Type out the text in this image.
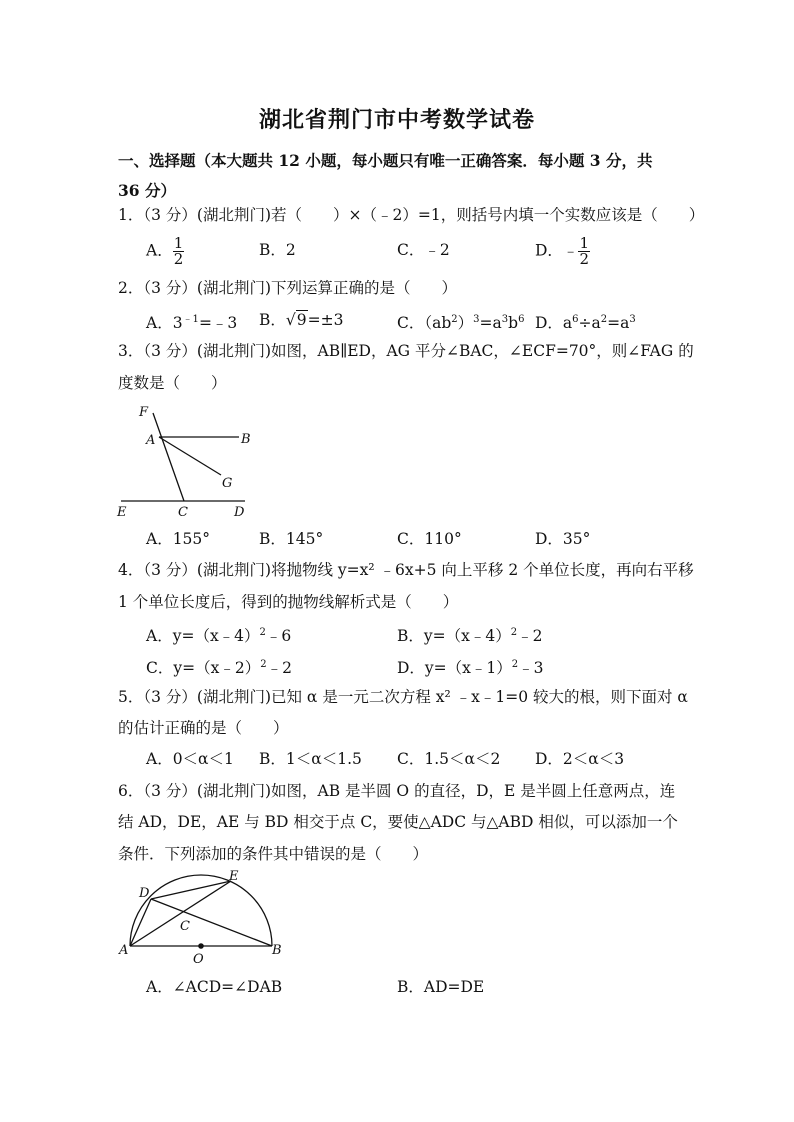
湖北省荆门市中考数学试卷
一、选择题（本大题共 12 小题，每小题只有唯一正确答案．每小题 3 分，共 36 分）
1．（3 分）(湖北荆门)若（　　）×（﹣2）=1，则括号内填一个实数应该是（　　）
A． $\frac{1}{2}$	B．2	C．﹣2	D．﹣ $\frac{1}{2}$
2．（3 分）(湖北荆门)下列运算正确的是（　　）
A．$3^{﹣1}=﹣3$ B．√9=±3	C．$(ab^2)^3=a^3b^6$ D．$a^6\div a^2=a^3$
3．（3 分）(湖北荆门)如图，AB∥ED，AG 平分∠BAC，∠ECF=70°，则∠FAG 的
度数是（　　）
F
A	B
G
E	C	D
A．155°	B．145°	C．110°	D．35°
4．（3 分）(湖北荆门)将抛物线 y=x² ﹣6x+5 向上平移 2 个单位长度，再向右平移
1 个单位长度后，得到的抛物线解析式是（　　）
A．y=（x﹣4）$^2$﹣6	B．y=（x﹣4）$^2$﹣2
C．y=（x﹣2）$^2$﹣2	D．y=（x﹣1）$^2$﹣3
5．（3 分）(湖北荆门)已知 α 是一元二次方程 x² ﹣x﹣1=0 较大的根，则下面对 α
的估计正确的是（　　）
A．0＜α＜1 B．1＜α＜1.5 C．1.5＜α＜2 D．2＜α＜3
6．（3 分）(湖北荆门)如图，AB 是半圆 O 的直径，D，E 是半圆上任意两点，连
结 AD，DE，AE 与 BD 相交于点 C，要使△ADC 与△ABD 相似，可以添加一个
条件．下列添加的条件其中错误的是（　　）
D
E
C
A	B
O
A．∠ACD=∠DAB	B．AD=DE
